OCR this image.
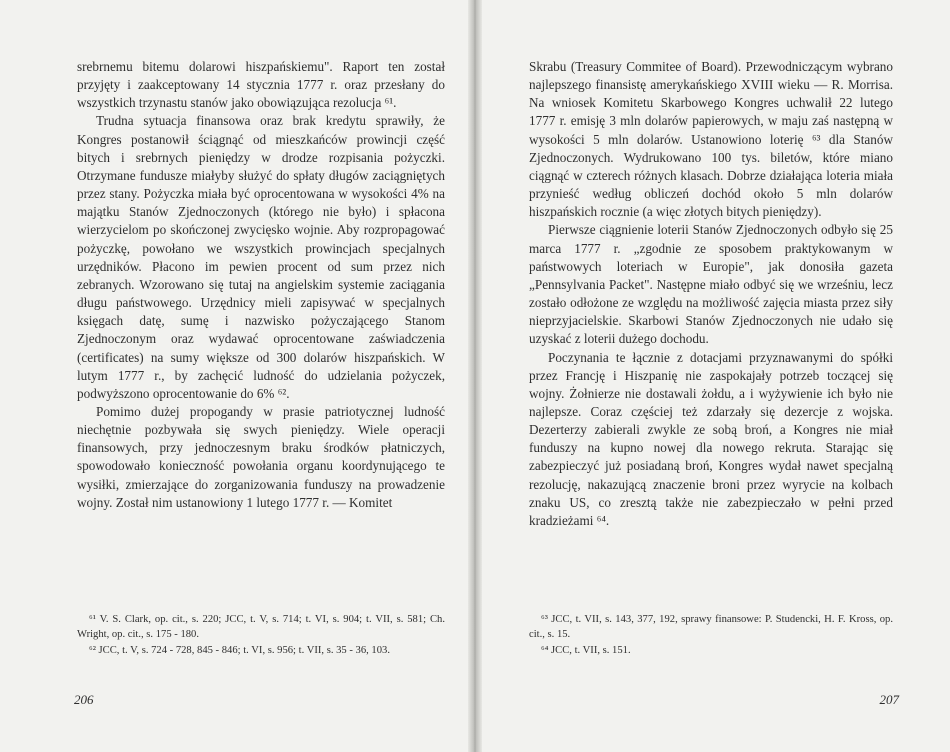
srebrnemu bitemu dolarowi hiszpańskiemu". Raport ten został przyjęty i zaakceptowany 14 stycznia 1777 r. oraz przesłany do wszystkich trzynastu stanów jako obowiązująca rezolucja ⁶¹.

Trudna sytuacja finansowa oraz brak kredytu sprawiły, że Kongres postanowił ściągnąć od mieszkańców prowincji część bitych i srebrnych pieniędzy w drodze rozpisania pożyczki. Otrzymane fundusze miałyby służyć do spłaty długów zaciągniętych przez stany. Pożyczka miała być oprocentowana w wysokości 4% na majątku Stanów Zjednoczonych (którego nie było) i spłacona wierzycielom po skończonej zwycięsko wojnie. Aby rozpropagować pożyczkę, powołano we wszystkich prowincjach specjalnych urzędników. Płacono im pewien procent od sum przez nich zebranych. Wzorowano się tutaj na angielskim systemie zaciągania długu państwowego. Urzędnicy mieli zapisywać w specjalnych księgach datę, sumę i nazwisko pożyczającego Stanom Zjednoczonym oraz wydawać oprocentowane zaświadczenia (certificates) na sumy większe od 300 dolarów hiszpańskich. W lutym 1777 r., by zachęcić ludność do udzielania pożyczek, podwyższono oprocentowanie do 6% ⁶².

Pomimo dużej propogandy w prasie patriotycznej ludność niechętnie pozbywała się swych pieniędzy. Wiele operacji finansowych, przy jednoczesnym braku środków płatniczych, spowodowało konieczność powołania organu koordynującego te wysiłki, zmierzające do zorganizowania funduszy na prowadzenie wojny. Został nim ustanowiony 1 lutego 1777 r. — Komitet

⁶¹ V. S. Clark, op. cit., s. 220; JCC, t. V, s. 714; t. VI, s. 904; t. VII, s. 581; Ch. Wright, op. cit., s. 175 - 180.

⁶² JCC, t. V, s. 724 - 728, 845 - 846; t. VI, s. 956; t. VII, s. 35 - 36, 103.

206

Skrabu (Treasury Commitee of Board). Przewodniczącym wybrano najlepszego finansistę amerykańskiego XVIII wieku — R. Morrisa. Na wniosek Komitetu Skarbowego Kongres uchwalił 22 lutego 1777 r. emisję 3 mln dolarów papierowych, w maju zaś następną w wysokości 5 mln dolarów. Ustanowiono loterię ⁶³ dla Stanów Zjednoczonych. Wydrukowano 100 tys. biletów, które miano ciągnąć w czterech różnych klasach. Dobrze działająca loteria miała przynieść według obliczeń dochód około 5 mln dolarów hiszpańskich rocznie (a więc złotych bitych pieniędzy).

Pierwsze ciągnienie loterii Stanów Zjednoczonych odbyło się 25 marca 1777 r. „zgodnie ze sposobem praktykowanym w państwowych loteriach w Europie", jak donosiła gazeta „Pennsylvania Packet". Następne miało odbyć się we wrześniu, lecz zostało odłożone ze względu na możliwość zajęcia miasta przez siły nieprzyjacielskie. Skarbowi Stanów Zjednoczonych nie udało się uzyskać z loterii dużego dochodu.

Poczynania te łącznie z dotacjami przyznawanymi do spółki przez Francję i Hiszpanię nie zaspokajały potrzeb toczącej się wojny. Żołnierze nie dostawali żołdu, a i wyżywienie ich było nie najlepsze. Coraz częściej też zdarzały się dezercje z wojska. Dezerterzy zabierali zwykle ze sobą broń, a Kongres nie miał funduszy na kupno nowej dla nowego rekruta. Starając się zabezpieczyć już posiadaną broń, Kongres wydał nawet specjalną rezolucję, nakazującą znaczenie broni przez wyrycie na kolbach znaku US, co zresztą także nie zabezpieczało w pełni przed kradzieżami ⁶⁴.

⁶³ JCC, t. VII, s. 143, 377, 192, sprawy finansowe: P. Studencki, H. F. Kross, op. cit., s. 15.

⁶⁴ JCC, t. VII, s. 151.

207
